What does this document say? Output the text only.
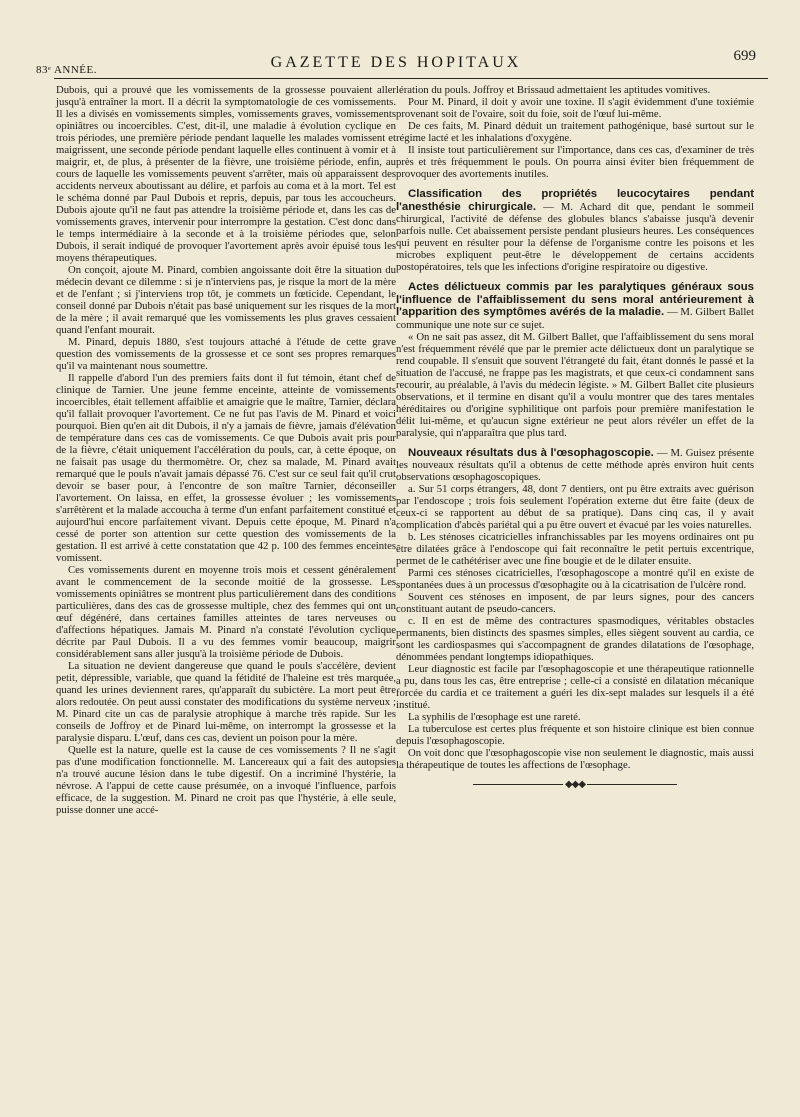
83ᵉ ANNÉE.	GAZETTE DES HOPITAUX	699

Dubois, qui a prouvé que les vomissements de la grossesse pouvaient aller jusqu'à entraîner la mort. Il a décrit la symptomatologie de ces vomissements. Il les a divisés en vomissements simples, vomissements graves, vomissements opiniâtres ou incoercibles. C'est, dit-il, une maladie à évolution cyclique en trois périodes, une première période pendant laquelle les malades vomissent et maigrissent, une seconde période pendant laquelle elles continuent à vomir et à maigrir, et, de plus, à présenter de la fièvre, une troisième période, enfin, au cours de laquelle les vomissements peuvent s'arrêter, mais où apparaissent des accidents nerveux aboutissant au délire, et parfois au coma et à la mort. Tel est le schéma donné par Paul Dubois et repris, depuis, par tous les accoucheurs. Dubois ajoute qu'il ne faut pas attendre la troisième période et, dans les cas de vomissements graves, intervenir pour interrompre la gestation. C'est donc dans le temps intermédiaire à la seconde et à la troisième périodes que, selon Dubois, il serait indiqué de provoquer l'avortement après avoir épuisé tous les moyens thérapeutiques.

On conçoit, ajoute M. Pinard, combien angoissante doit être la situation du médecin devant ce dilemme : si je n'interviens pas, je risque la mort de la mère et de l'enfant ; si j'interviens trop tôt, je commets un fœticide. Cependant, le conseil donné par Dubois n'était pas basé uniquement sur les risques de la mort de la mère ; il avait remarqué que les vomissements les plus graves cessaient quand l'enfant mourait.

M. Pinard, depuis 1880, s'est toujours attaché à l'étude de cette grave question des vomissements de la grossesse et ce sont ses propres remarques qu'il va maintenant nous soumettre.

Il rappelle d'abord l'un des premiers faits dont il fut témoin, étant chef de clinique de Tarnier. Une jeune femme enceinte, atteinte de vomissements incoercibles, était tellement affaiblie et amaigrie que le maître, Tarnier, déclara qu'il fallait provoquer l'avortement. Ce ne fut pas l'avis de M. Pinard et voici pourquoi. Bien qu'en ait dit Dubois, il n'y a jamais de fièvre, jamais d'élévation de température dans ces cas de vomissements. Ce que Dubois avait pris pour de la fièvre, c'était uniquement l'accélération du pouls, car, à cette époque, on ne faisait pas usage du thermomètre. Or, chez sa malade, M. Pinard avait remarqué que le pouls n'avait jamais dépassé 76. C'est sur ce seul fait qu'il crut devoir se baser pour, à l'encontre de son maître Tarnier, déconseiller l'avortement. On laissa, en effet, la grossesse évoluer ; les vomissements s'arrêtèrent et la malade accoucha à terme d'un enfant parfaitement constitué et aujourd'hui encore parfaitement vivant. Depuis cette époque, M. Pinard n'a cessé de porter son attention sur cette question des vomissements de la gestation. Il est arrivé à cette constatation que 42 p. 100 des femmes enceintes vomissent.

Ces vomissements durent en moyenne trois mois et cessent généralement avant le commencement de la seconde moitié de la grossesse. Les vomissements opiniâtres se montrent plus particulièrement dans des conditions particulières, dans des cas de grossesse multiple, chez des femmes qui ont un œuf dégénéré, dans certaines familles atteintes de tares nerveuses ou d'affections hépatiques. Jamais M. Pinard n'a constaté l'évolution cyclique décrite par Paul Dubois. Il a vu des femmes vomir beaucoup, maigrir considérablement sans aller jusqu'à la troisième période de Dubois.

La situation ne devient dangereuse que quand le pouls s'accélère, devient petit, dépressible, variable, que quand la fétidité de l'haleine est très marquée, quand les urines deviennent rares, qu'apparaît du subictère. La mort peut être alors redoutée. On peut aussi constater des modifications du système nerveux ; M. Pinard cite un cas de paralysie atrophique à marche très rapide. Sur les conseils de Joffroy et de Pinard lui-même, on interrompt la grossesse et la paralysie disparu. L'œuf, dans ces cas, devient un poison pour la mère.

Quelle est la nature, quelle est la cause de ces vomissements ? Il ne s'agit pas d'une modification fonctionnelle. M. Lancereaux qui a fait des autopsies n'a trouvé aucune lésion dans le tube digestif. On a incriminé l'hystérie, la névrose. A l'appui de cette cause présumée, on a invoqué l'influence, parfois efficace, de la suggestion. M. Pinard ne croit pas que l'hystérie, à elle seule, puisse donner une accé-

lération du pouls. Joffroy et Brissaud admettaient les aptitudes vomitives.

Pour M. Pinard, il doit y avoir une toxine. Il s'agit évidemment d'une toxiémie provenant soit de l'ovaire, soit du foie, soit de l'œuf lui-même.

De ces faits, M. Pinard déduit un traitement pathogénique, basé surtout sur le régime lacté et les inhalations d'oxygène.

Il insiste tout particulièrement sur l'importance, dans ces cas, d'examiner de très près et très fréquemment le pouls. On pourra ainsi éviter bien fréquemment de provoquer des avortements inutiles.

Classification des propriétés leucocytaires pendant l'anesthésie chirurgicale. — M. Achard dit que, pendant le sommeil chirurgical, l'activité de défense des globules blancs s'abaisse jusqu'à devenir parfois nulle. Cet abaissement persiste pendant plusieurs heures. Les conséquences qui peuvent en résulter pour la défense de l'organisme contre les poisons et les microbes expliquent peut-être le développement de certains accidents postopératoires, tels que les infections d'origine respiratoire ou digestive.

Actes délictueux commis par les paralytiques généraux sous l'influence de l'affaiblissement du sens moral antérieurement à l'apparition des symptômes avérés de la maladie. — M. Gilbert Ballet communique une note sur ce sujet.

« On ne sait pas assez, dit M. Gilbert Ballet, que l'affaiblissement du sens moral n'est fréquemment révélé que par le premier acte délictueux dont un paralytique se rend coupable. Il s'ensuit que souvent l'étrangeté du fait, étant donnés le passé et la situation de l'accusé, ne frappe pas les magistrats, et que ceux-ci condamnent sans recourir, au préalable, à l'avis du médecin légiste. » M. Gilbert Ballet cite plusieurs observations, et il termine en disant qu'il a voulu montrer que des tares mentales héréditaires ou d'origine syphilitique ont parfois pour première manifestation le délit lui-même, et qu'aucun signe extérieur ne peut alors révéler un effet de la paralysie, qui n'apparaîtra que plus tard.

Nouveaux résultats dus à l'œsophagoscopie. — M. Guisez présente les nouveaux résultats qu'il a obtenus de cette méthode après environ huit cents observations œsophagoscopiques.

a. Sur 51 corps étrangers, 48, dont 7 dentiers, ont pu être extraits avec guérison par l'endoscope ; trois fois seulement l'opération externe dut être faite (deux de ceux-ci se rapportent au début de sa pratique). Dans cinq cas, il y avait complication d'abcès pariétal qui a pu être ouvert et évacué par les voies naturelles.

b. Les sténoses cicatricielles infranchissables par les moyens ordinaires ont pu être dilatées grâce à l'endoscope qui fait reconnaître le petit pertuis excentrique, permet de le cathétériser avec une fine bougie et de le dilater ensuite.

Parmi ces sténoses cicatricielles, l'œsophagoscope a montré qu'il en existe de spontanées dues à un processus d'œsophagite ou à la cicatrisation de l'ulcère rond.

Souvent ces sténoses en imposent, de par leurs signes, pour des cancers constituant autant de pseudo-cancers.

c. Il en est de même des contractures spasmodiques, véritables obstacles permanents, bien distincts des spasmes simples, elles siègent souvent au cardia, ce sont les cardiospasmes qui s'accompagnent de grandes dilatations de l'œsophage, dénommées pendant longtemps idiopathiques.

Leur diagnostic est facile par l'œsophagoscopie et une thérapeutique rationnelle a pu, dans tous les cas, être entreprise ; celle-ci a consisté en dilatation mécanique forcée du cardia et ce traitement a guéri les dix-sept malades sur lesquels il a été institué.

La syphilis de l'œsophage est une rareté.

La tuberculose est certes plus fréquente et son histoire clinique est bien connue depuis l'œsophagoscopie.

On voit donc que l'œsophagoscopie vise non seulement le diagnostic, mais aussi la thérapeutique de toutes les affections de l'œsophage.

◆◆◆
